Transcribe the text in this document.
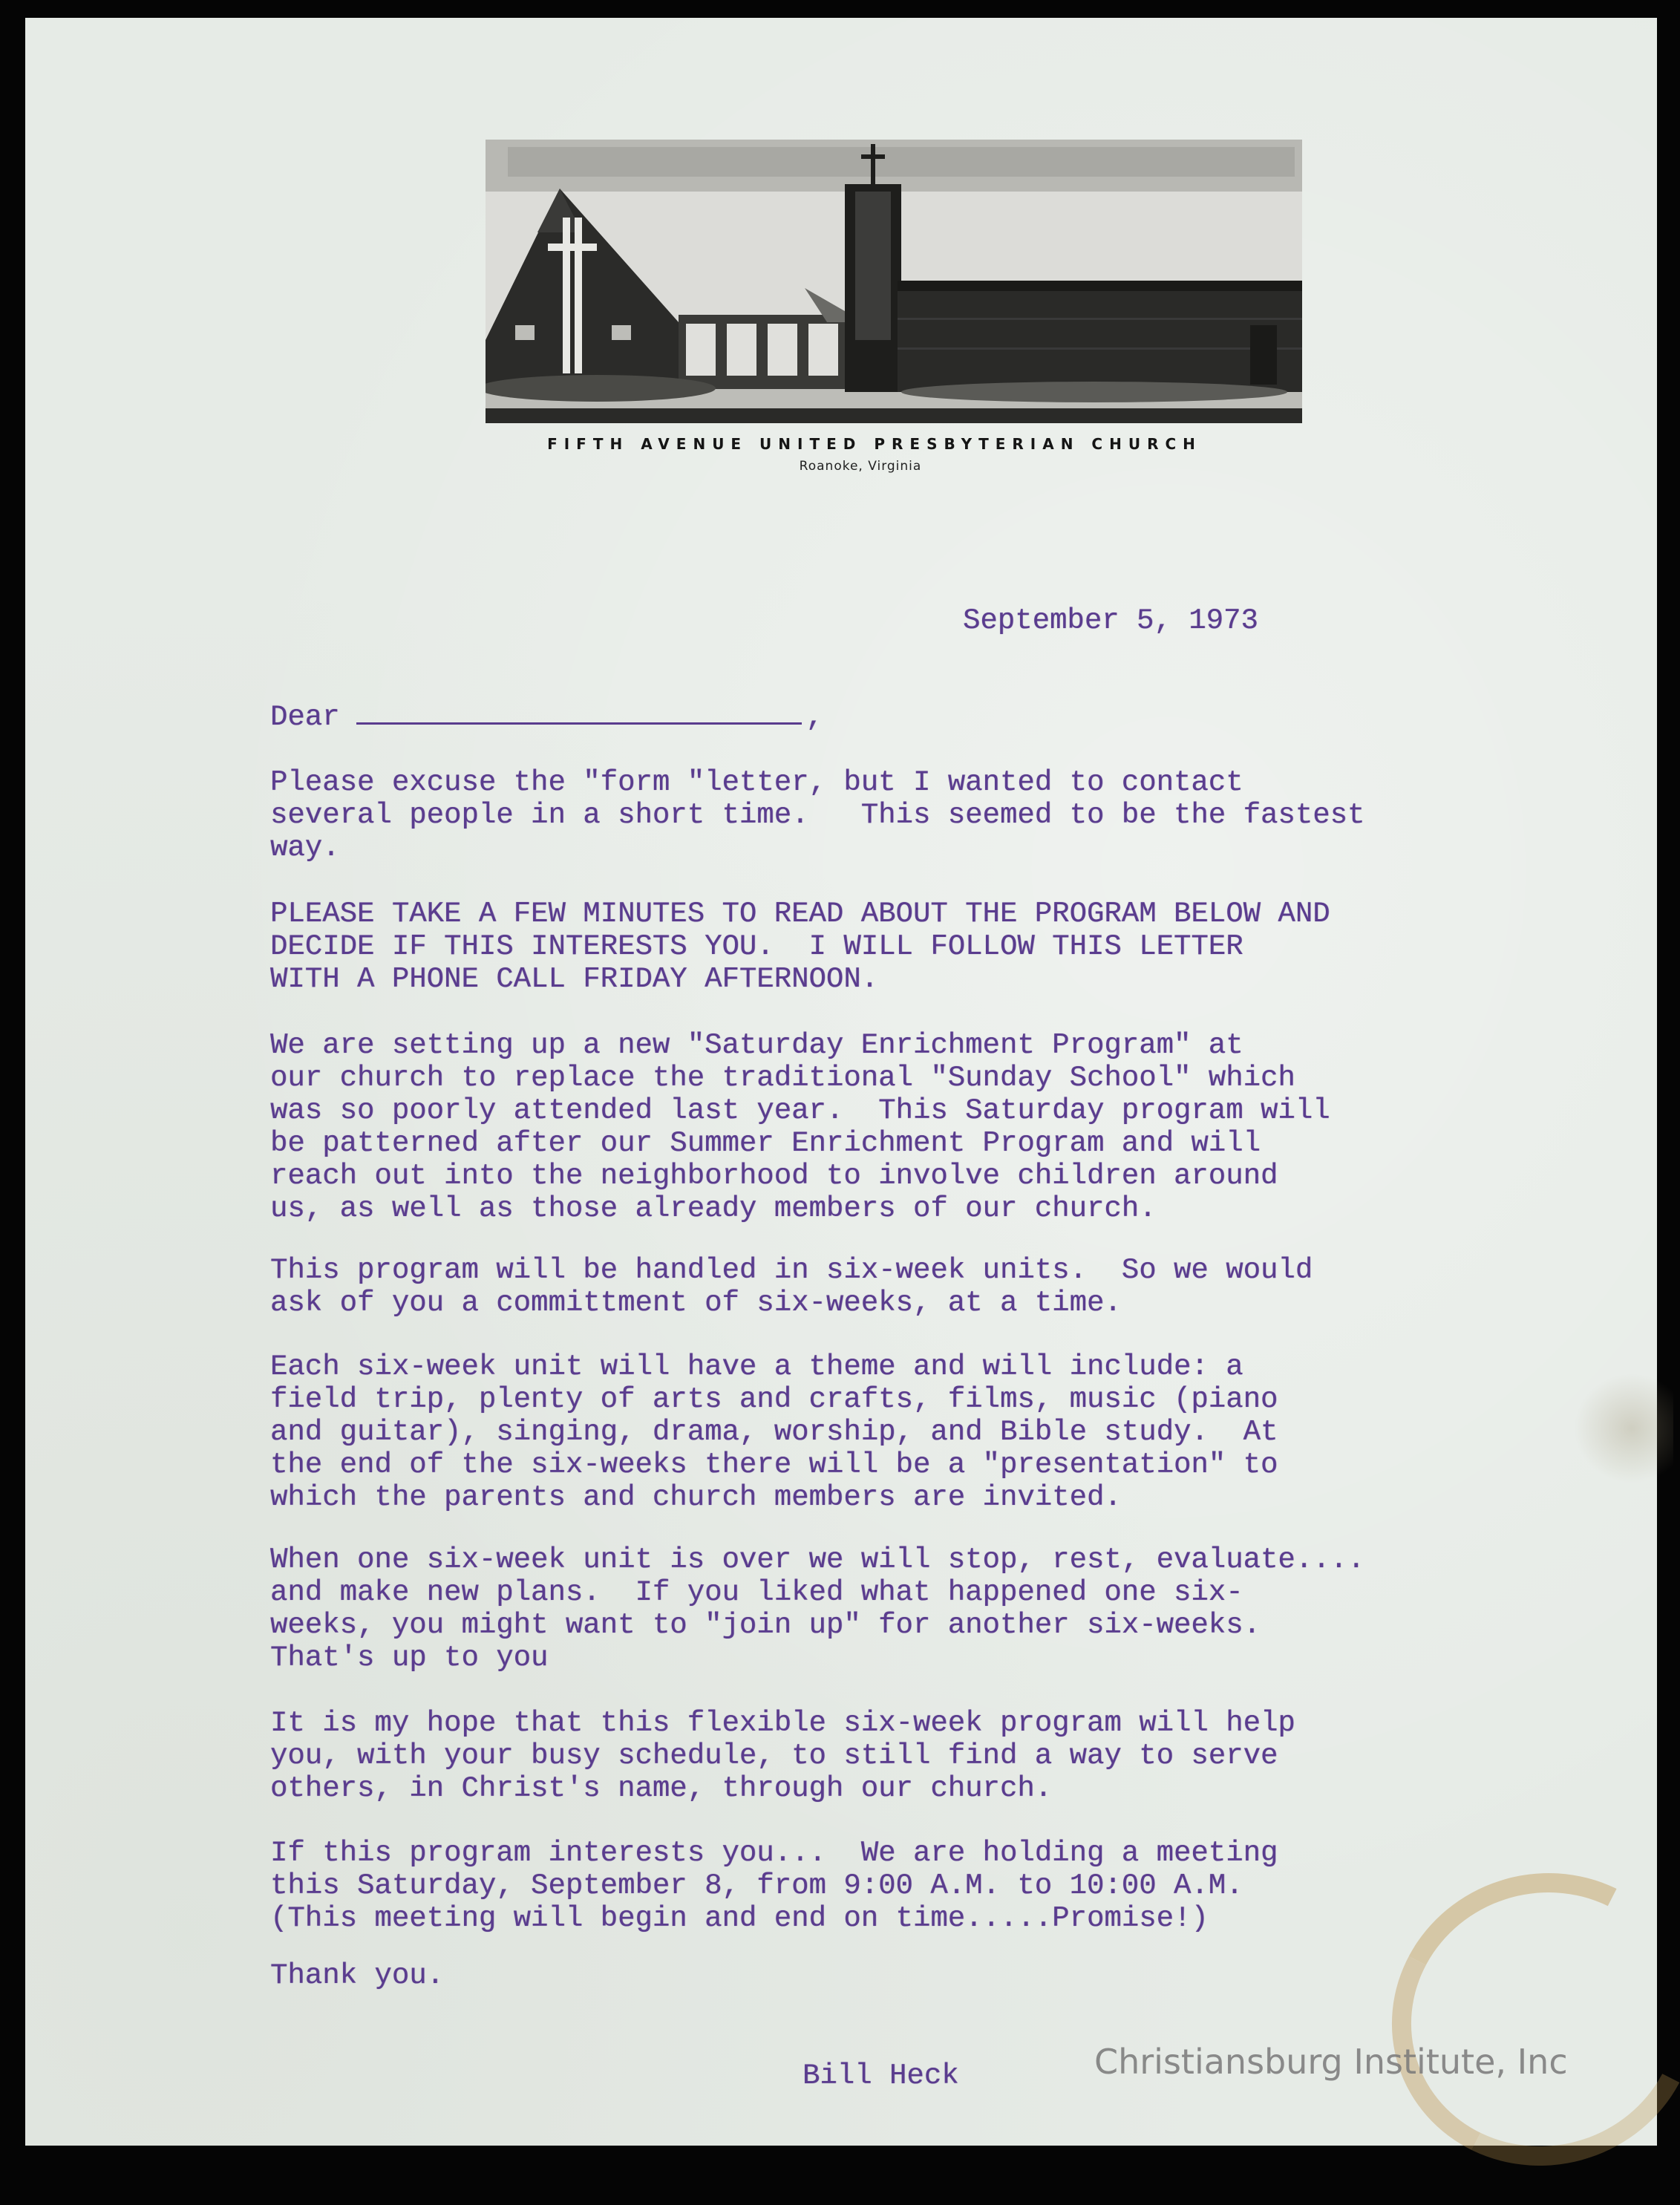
FIFTH AVENUE UNITED PRESBYTERIAN CHURCH
Roanoke, Virginia
September 5, 1973
Dear	,
Please excuse the "form "letter, but I wanted to contact
several people in a short time.   This seemed to be the fastest
way.
PLEASE TAKE A FEW MINUTES TO READ ABOUT THE PROGRAM BELOW AND
DECIDE IF THIS INTERESTS YOU.  I WILL FOLLOW THIS LETTER
WITH A PHONE CALL FRIDAY AFTERNOON.
We are setting up a new "Saturday Enrichment Program" at
our church to replace the traditional "Sunday School" which
was so poorly attended last year.  This Saturday program will
be patterned after our Summer Enrichment Program and will
reach out into the neighborhood to involve children around
us, as well as those already members of our church.
This program will be handled in six-week units.  So we would
ask of you a committment of six-weeks, at a time.
Each six-week unit will have a theme and will include: a
field trip, plenty of arts and crafts, films, music (piano
and guitar), singing, drama, worship, and Bible study.  At
the end of the six-weeks there will be a "presentation" to
which the parents and church members are invited.
When one six-week unit is over we will stop, rest, evaluate....
and make new plans.  If you liked what happened one six-
weeks, you might want to "join up" for another six-weeks.
That's up to you
It is my hope that this flexible six-week program will help
you, with your busy schedule, to still find a way to serve
others, in Christ's name, through our church.
If this program interests you...  We are holding a meeting
this Saturday, September 8, from 9:00 A.M. to 10:00 A.M.
(This meeting will begin and end on time.....Promise!)
Thank you.
Bill Heck	Christiansburg Institute, Inc
